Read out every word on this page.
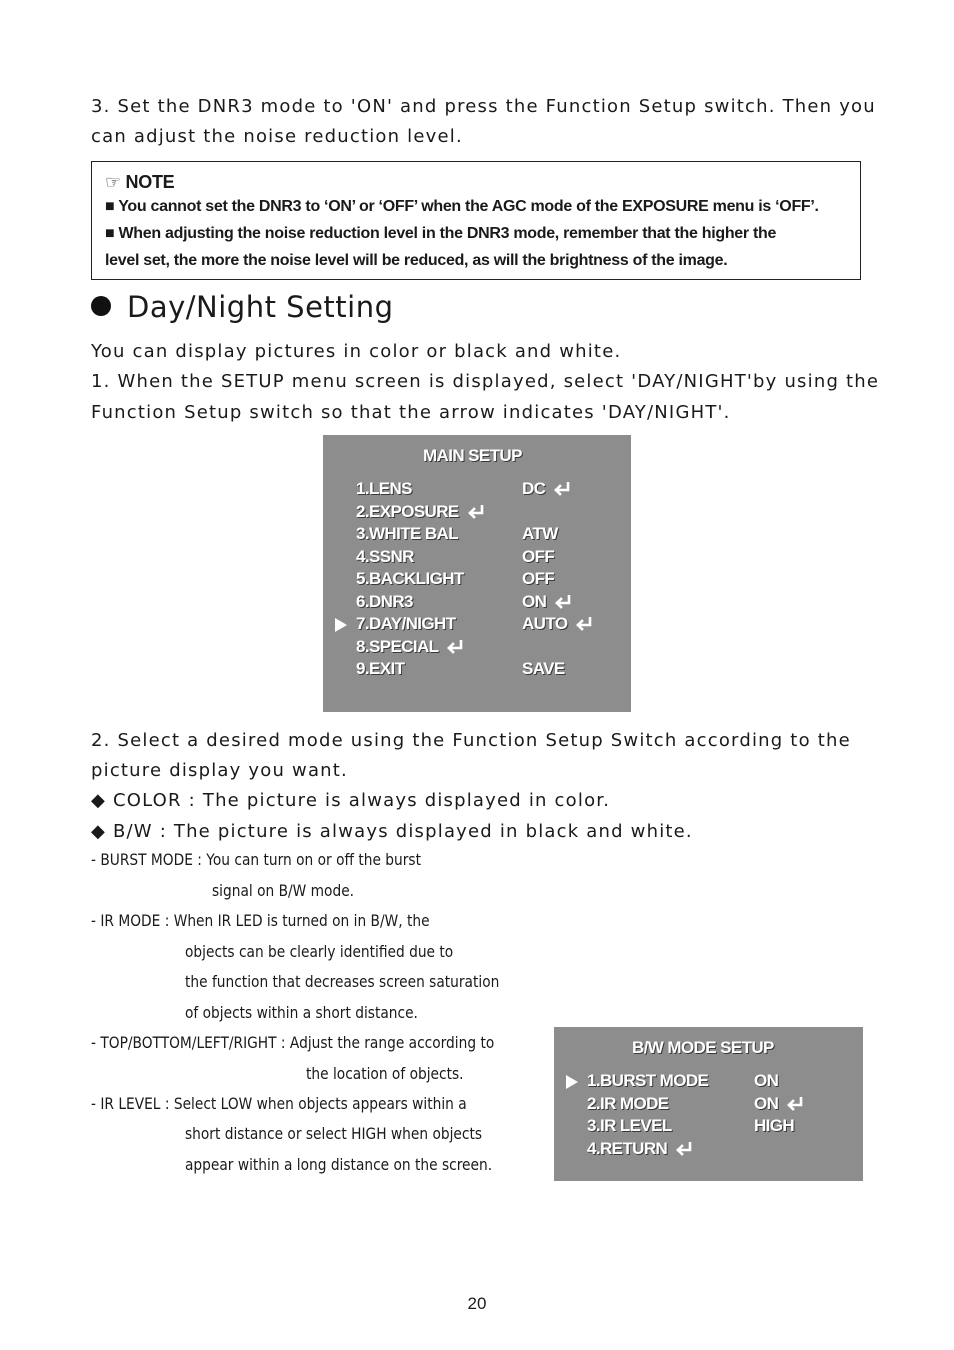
3. Set the DNR3 mode to 'ON' and press the Function Setup switch. Then you
can adjust the noise reduction level.
☞ NOTE
■ You cannot set the DNR3 to ‘ON’ or ‘OFF’ when the AGC mode of the EXPOSURE menu is ‘OFF’.
■ When adjusting the noise reduction level in the DNR3 mode, remember that the higher the
level set, the more the noise level will be reduced, as will the brightness of the image.
Day/Night Setting
You can display pictures in color or black and white.
1. When the SETUP menu screen is displayed, select 'DAY/NIGHT'by using the
Function Setup switch so that the arrow indicates 'DAY/NIGHT'.
MAIN SETUP
1.LENS	DC
2.EXPOSURE
3.WHITE BAL	ATW
4.SSNR	OFF
5.BACKLIGHT	OFF
6.DNR3	ON
7.DAY/NIGHT	AUTO
8.SPECIAL
9.EXIT	SAVE
2. Select a desired mode using the Function Setup Switch according to the
picture display you want.
◆ COLOR : The picture is always displayed in color.
◆ B/W : The picture is always displayed in black and white.
- BURST MODE : You can turn on or off the burst
signal on B/W mode.
- IR MODE : When IR LED is turned on in B/W, the
objects can be clearly identified due to
the function that decreases screen saturation
of objects within a short distance.
- TOP/BOTTOM/LEFT/RIGHT : Adjust the range according to
the location of objects.
- IR LEVEL : Select LOW when objects appears within a
short distance or select HIGH when objects
appear within a long distance on the screen.
B/W MODE SETUP
1.BURST MODE	ON
2.IR MODE	ON
3.IR LEVEL	HIGH
4.RETURN
20
